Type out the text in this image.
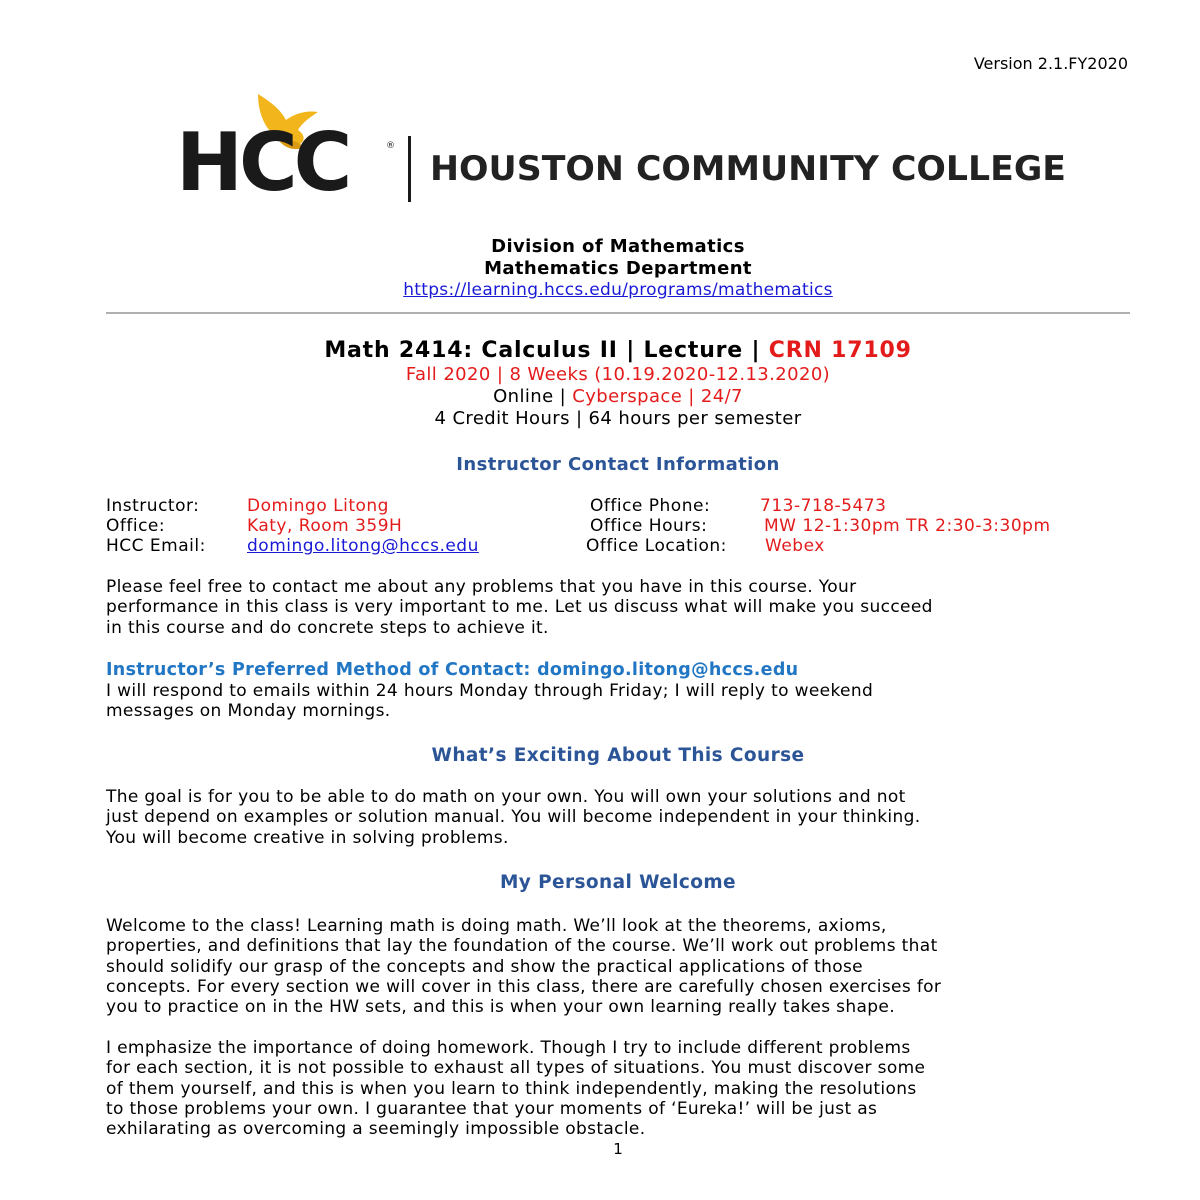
Version 2.1.FY2020
HCC	®
HOUSTON COMMUNITY COLLEGE
Division of Mathematics
Mathematics Department
https://learning.hccs.edu/programs/mathematics
Math 2414: Calculus II | Lecture | CRN 17109
Fall 2020 | 8 Weeks (10.19.2020-12.13.2020)
Online | Cyberspace | 24/7
4 Credit Hours | 64 hours per semester
Instructor Contact Information
Instructor:	Domingo Litong	Office Phone:	713-718-5473
Office:	Katy, Room 359H	Office Hours:	MW 12-1:30pm TR 2:30-3:30pm
HCC Email: domingo.litong@hccs.edu	Office Location: Webex
Please feel free to contact me about any problems that you have in this course. Your
performance in this class is very important to me. Let us discuss what will make you succeed
in this course and do concrete steps to achieve it.
Instructor’s Preferred Method of Contact: domingo.litong@hccs.edu
I will respond to emails within 24 hours Monday through Friday; I will reply to weekend
messages on Monday mornings.
What’s Exciting About This Course
The goal is for you to be able to do math on your own. You will own your solutions and not
just depend on examples or solution manual. You will become independent in your thinking.
You will become creative in solving problems.
My Personal Welcome
Welcome to the class! Learning math is doing math. We’ll look at the theorems, axioms,
properties, and definitions that lay the foundation of the course. We’ll work out problems that
should solidify our grasp of the concepts and show the practical applications of those
concepts. For every section we will cover in this class, there are carefully chosen exercises for
you to practice on in the HW sets, and this is when your own learning really takes shape.
I emphasize the importance of doing homework. Though I try to include different problems
for each section, it is not possible to exhaust all types of situations. You must discover some
of them yourself, and this is when you learn to think independently, making the resolutions
to those problems your own. I guarantee that your moments of ‘Eureka!’ will be just as
exhilarating as overcoming a seemingly impossible obstacle.
1
